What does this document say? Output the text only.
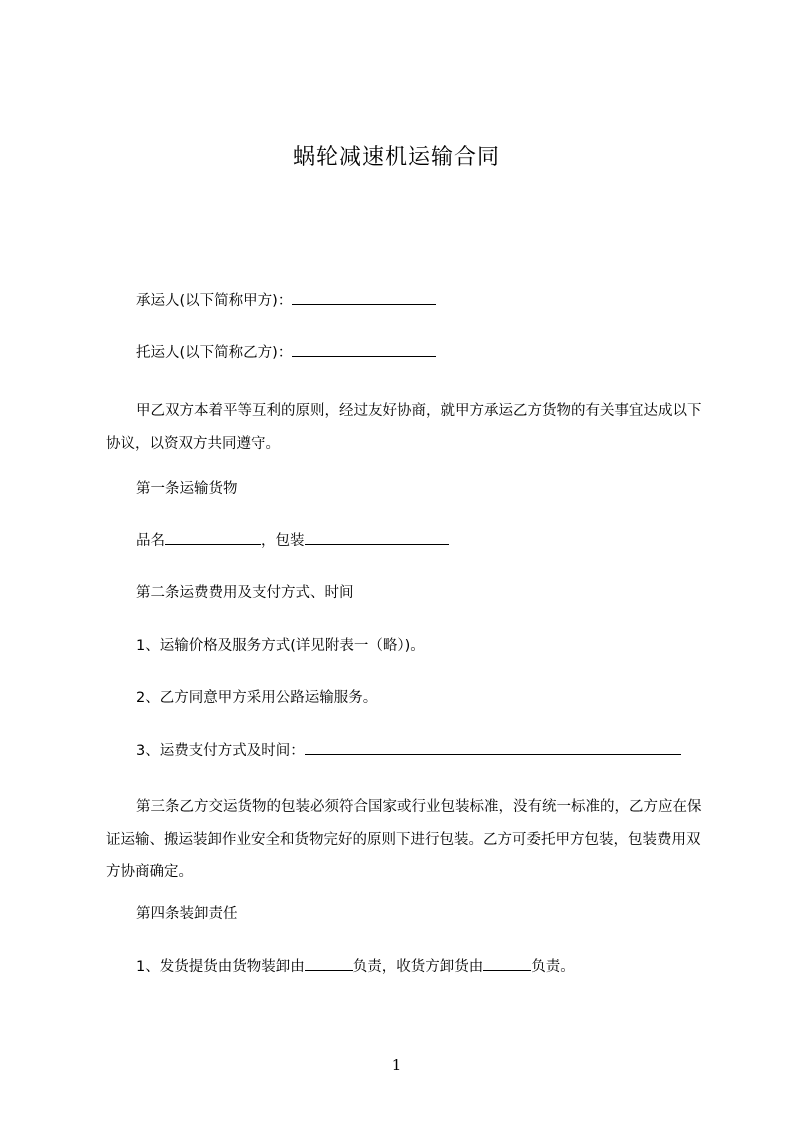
蜗轮减速机运输合同

承运人(以下简称甲方)：

托运人(以下简称乙方)：

甲乙双方本着平等互利的原则，经过友好协商，就甲方承运乙方货物的有关事宜达成以下协议，以资双方共同遵守。

第一条运输货物

品名	，包装

第二条运费费用及支付方式、时间

1、运输价格及服务方式(详见附表一（略）)。

2、乙方同意甲方采用公路运输服务。

3、运费支付方式及时间：

第三条乙方交运货物的包装必须符合国家或行业包装标准，没有统一标准的，乙方应在保证运输、搬运装卸作业安全和货物完好的原则下进行包装。乙方可委托甲方包装，包装费用双方协商确定。

第四条装卸责任

1、发货提货由货物装卸由	负责，收货方卸货由	负责。

1
